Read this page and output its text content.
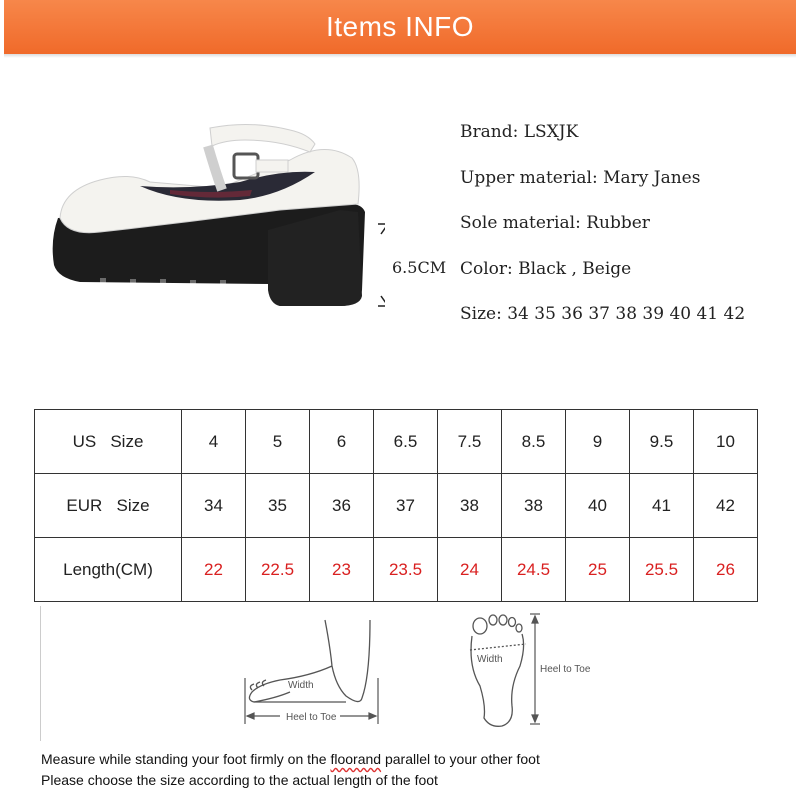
Items INFO
6.5CM
Brand: LSXJK
Upper material: Mary Janes
Sole material: Rubber
Color: Black , Beige
Size: 34 35 36 37 38 39 40 41 42
US   Size	4	5	6	6.5	7.5	8.5	9	9.5	10
EUR   Size	34	35	36	37	38	38	40	41	42
Length(CM)	22	22.5	23	23.5	24	24.5	25	25.5	26
Width
Heel to Toe
Width
Heel to Toe
Measure while standing your foot firmly on the floorand parallel to your other foot
Please choose the size according to the actual length of the foot
